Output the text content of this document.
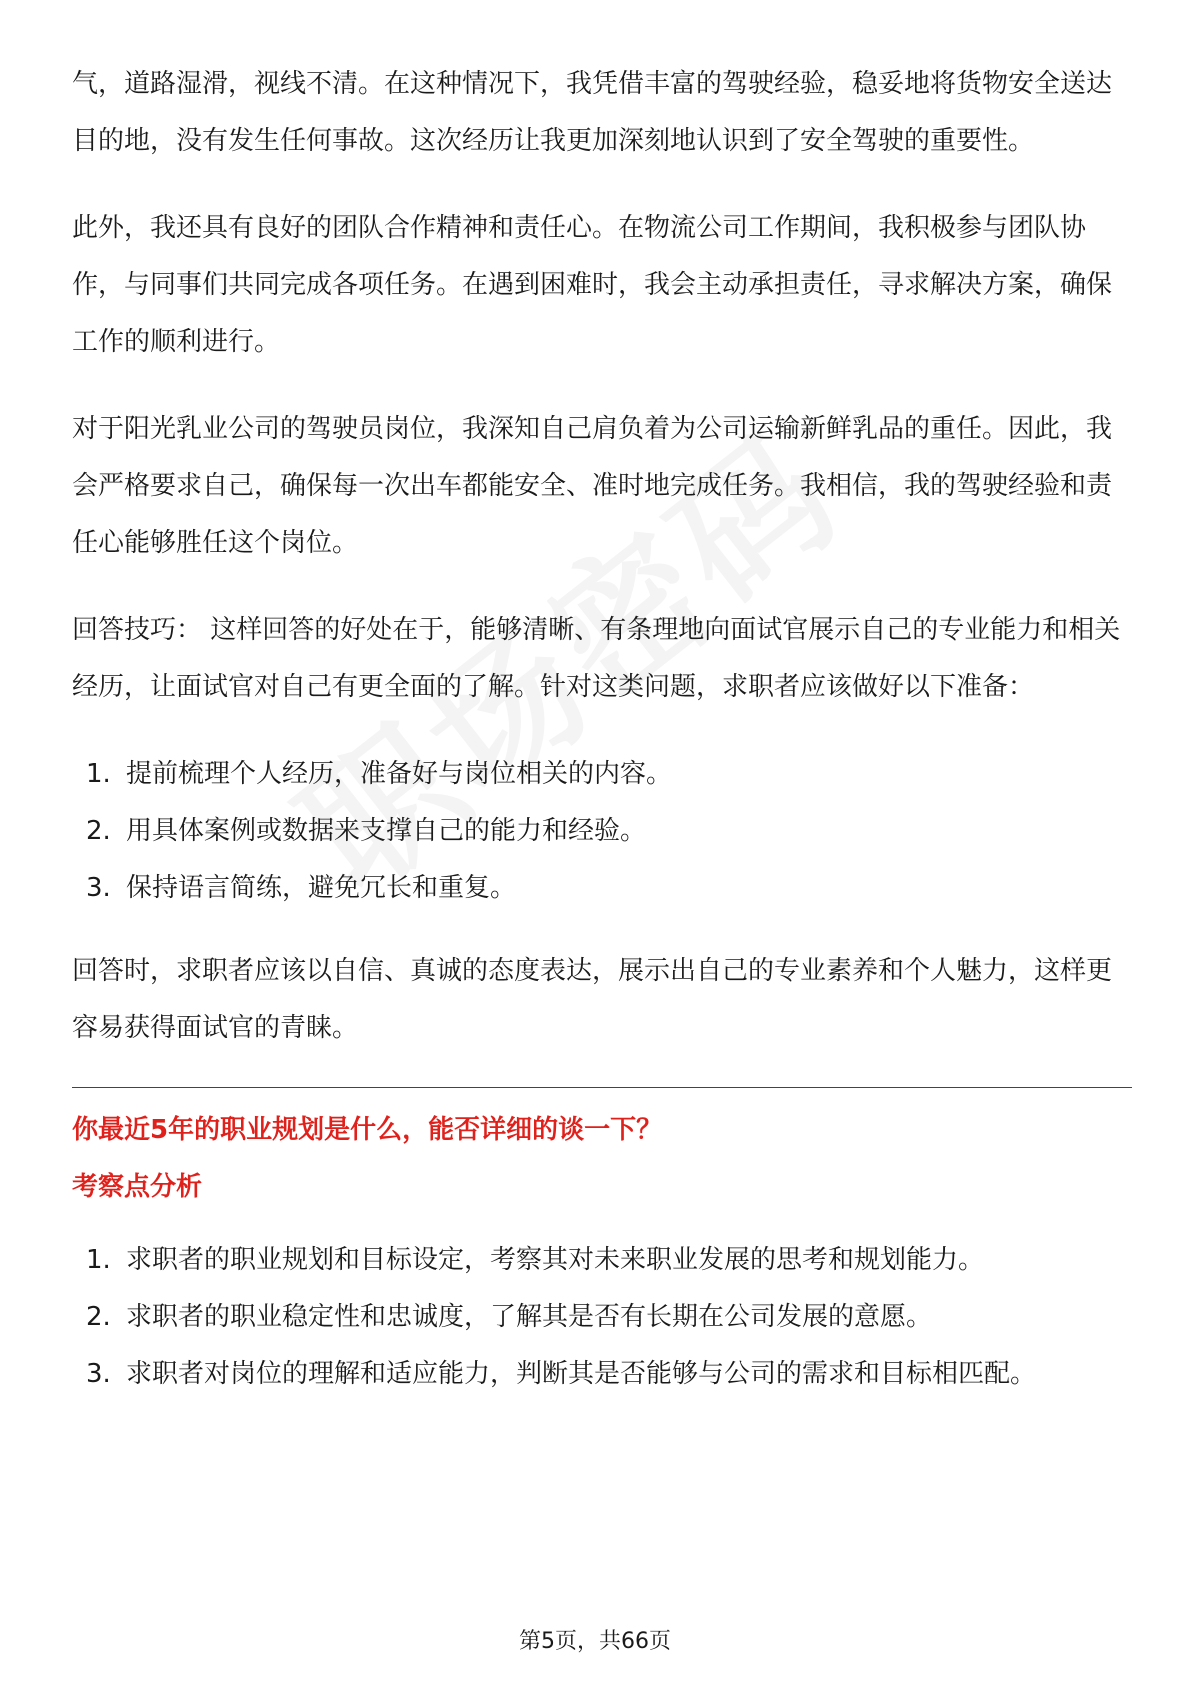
气，道路湿滑，视线不清。在这种情况下，我凭借丰富的驾驶经验，稳妥地将货物安全送达目的地，没有发生任何事故。这次经历让我更加深刻地认识到了安全驾驶的重要性。

此外，我还具有良好的团队合作精神和责任心。在物流公司工作期间，我积极参与团队协作，与同事们共同完成各项任务。在遇到困难时，我会主动承担责任，寻求解决方案，确保工作的顺利进行。

对于阳光乳业公司的驾驶员岗位，我深知自己肩负着为公司运输新鲜乳品的重任。因此，我会严格要求自己，确保每一次出车都能安全、准时地完成任务。我相信，我的驾驶经验和责任心能够胜任这个岗位。

回答技巧： 这样回答的好处在于，能够清晰、有条理地向面试官展示自己的专业能力和相关经历，让面试官对自己有更全面的了解。针对这类问题，求职者应该做好以下准备：

1. 提前梳理个人经历，准备好与岗位相关的内容。
2. 用具体案例或数据来支撑自己的能力和经验。
3. 保持语言简练，避免冗长和重复。

回答时，求职者应该以自信、真诚的态度表达，展示出自己的专业素养和个人魅力，这样更容易获得面试官的青睐。

你最近5年的职业规划是什么，能否详细的谈一下？

考察点分析

1. 求职者的职业规划和目标设定，考察其对未来职业发展的思考和规划能力。
2. 求职者的职业稳定性和忠诚度，了解其是否有长期在公司发展的意愿。
3. 求职者对岗位的理解和适应能力，判断其是否能够与公司的需求和目标相匹配。
第5页，共66页
